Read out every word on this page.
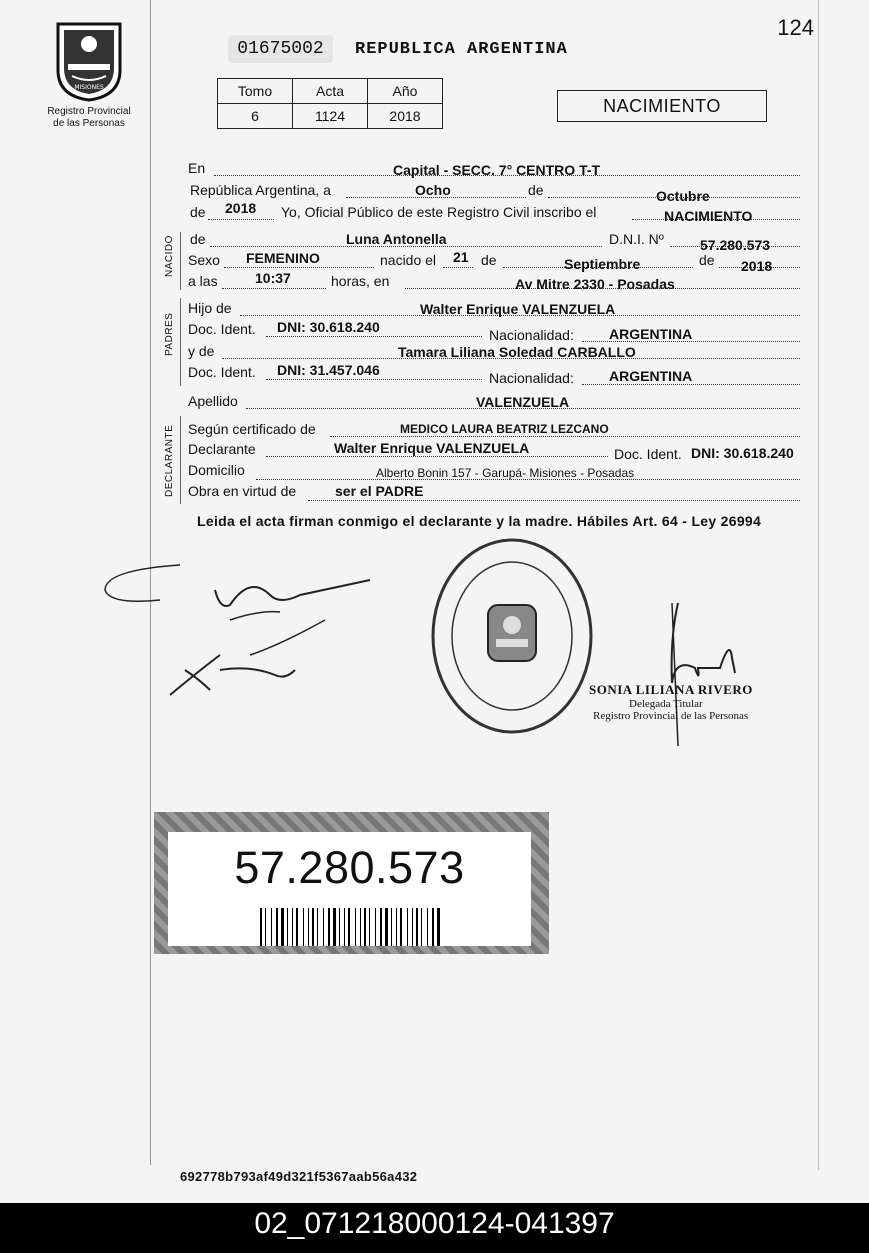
124
MISIONES
Registro Provincial
de las Personas
01675002	REPUBLICA ARGENTINA
Tomo	Acta	Año
6	1124	2018	NACIMIENTO
NACIDO
PADRES
DECLARANTE
En	Capital - SECC. 7° CENTRO T-T
República Argentina, a	Ocho	de	Octubre
de 2018 Yo, Oficial Público de este Registro Civil inscribo el	NACIMIENTO
de	Luna Antonella	D.N.I. Nº	57.280.573
Sexo FEMENINO	nacido el 21 de	Septiembre	de 2018
a las	10:37	horas, en	Av Mitre 2330 - Posadas
Hijo de	Walter Enrique VALENZUELA
Doc. Ident. DNI: 30.618.240	Nacionalidad:	ARGENTINA
y de	Tamara Liliana Soledad CARBALLO
Doc. Ident. DNI: 31.457.046	Nacionalidad:	ARGENTINA
Apellido	VALENZUELA
Según certificado de	MEDICO LAURA BEATRIZ LEZCANO
Declarante	Walter Enrique VALENZUELA	Doc. Ident. DNI: 30.618.240
Domicilio	Alberto Bonin 157 - Garupá- Misiones - Posadas
Obra en virtud de	ser el PADRE
Leida el acta firman conmigo el declarante y la madre. Hábiles Art. 64 - Ley 26994
SONIA LILIANA RIVERO
Delegada Titular
Registro Provincial de las Personas
57.280.573
692778b793af49d321f5367aab56a432
02_071218000124-041397
